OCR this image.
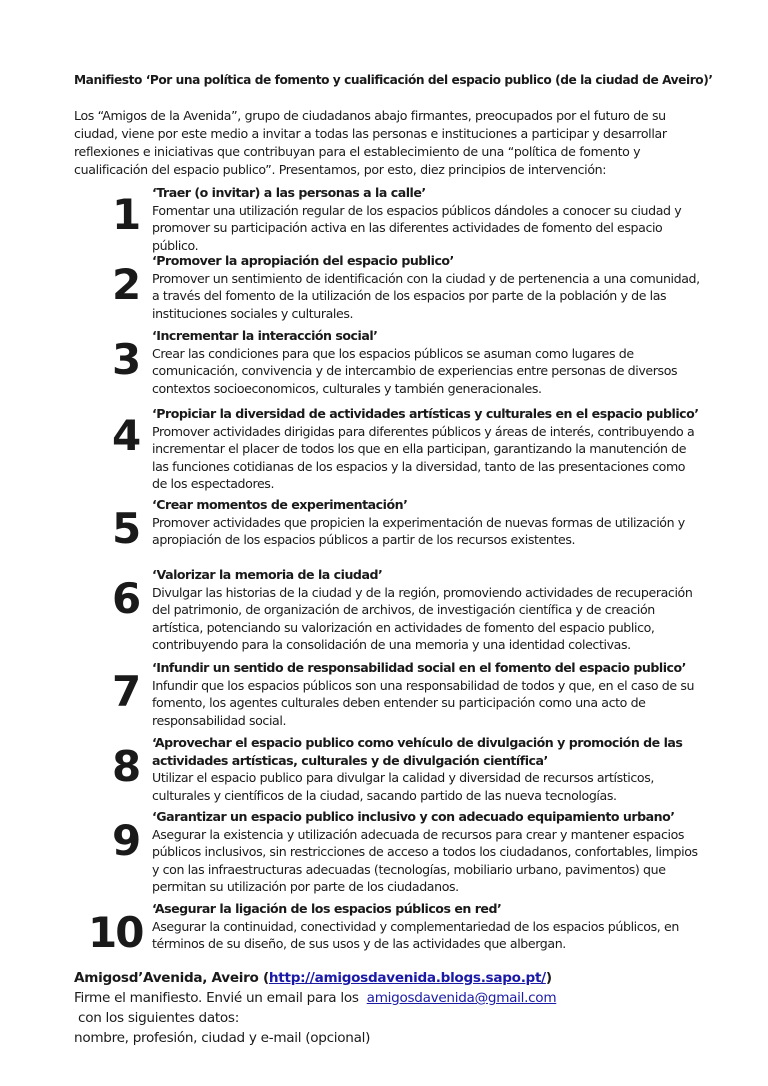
Manifiesto ‘Por una política de fomento y cualificación del espacio publico (de la ciudad de Aveiro)’
Los “Amigos de la Avenida”, grupo de ciudadanos abajo firmantes, preocupados por el futuro de su ciudad, viene por este medio a invitar a todas las personas e instituciones a participar y desarrollar reflexiones e iniciativas que contribuyan para el establecimiento de una “política de fomento y cualificación del espacio publico”. Presentamos, por esto, diez principios de intervención:
1 ‘Traer (o invitar) a las personas a la calle’
Fomentar una utilización regular de los espacios públicos dándoles a conocer su ciudad y promover su participación activa en las diferentes actividades de fomento del espacio público.
2 ‘Promover la apropiación del espacio publico’
Promover un sentimiento de identificación con la ciudad y de pertenencia a una comunidad, a través del fomento de la utilización de los espacios por parte de la población y de las instituciones sociales y culturales.
3 ‘Incrementar la interacción social’
Crear las condiciones para que los espacios públicos se asuman como lugares de comunicación, convivencia y de intercambio de experiencias entre personas de diversos contextos socioeconomicos, culturales y también generacionales.
4 ‘Propiciar la diversidad de actividades artísticas y culturales en el espacio publico’
Promover actividades dirigidas para diferentes públicos y áreas de interés, contribuyendo a incrementar el placer de todos los que en ella participan, garantizando la manutención de las funciones cotidianas de los espacios y la diversidad, tanto de las presentaciones como de los espectadores.
5 ‘Crear momentos de experimentación’
Promover actividades que propicien la experimentación de nuevas formas de utilización y apropiación de los espacios públicos a partir de los recursos existentes.
6 ‘Valorizar la memoria de la ciudad’
Divulgar las historias de la ciudad y de la región, promoviendo actividades de recuperación del patrimonio, de organización de archivos, de investigación científica y de creación artística, potenciando su valorización en actividades de fomento del espacio publico, contribuyendo para la consolidación de una memoria y una identidad colectivas.
7 ‘Infundir un sentido de responsabilidad social en el fomento del espacio publico’
Infundir que los espacios públicos son una responsabilidad de todos y que, en el caso de su fomento, los agentes culturales deben entender su participación como una acto de responsabilidad social.
8 ‘Aprovechar el espacio publico como vehículo de divulgación y promoción de las actividades artísticas, culturales y de divulgación científica’
Utilizar el espacio publico para divulgar la calidad y diversidad de recursos artísticos, culturales y científicos de la ciudad, sacando partido de las nueva tecnologías.
9 ‘Garantizar un espacio publico inclusivo y con adecuado equipamiento urbano’
Asegurar la existencia y utilización adecuada de recursos para crear y mantener espacios públicos inclusivos, sin restricciones de acceso a todos los ciudadanos, confortables, limpios y con las infraestructuras adecuadas (tecnologías, mobiliario urbano, pavimentos) que permitan su utilización por parte de los ciudadanos.
10 ‘Asegurar la ligación de los espacios públicos en red’
Asegurar la continuidad, conectividad y complementariedad de los espacios públicos, en términos de su diseño, de sus usos y de las actividades que albergan.
Amigosd’Avenida, Aveiro (http://amigosdavenida.blogs.sapo.pt/)
Firme el manifiesto. Envié un email para los  amigosdavenida@gmail.com con los siguientes datos:
nombre, profesión, ciudad y e-mail (opcional)
